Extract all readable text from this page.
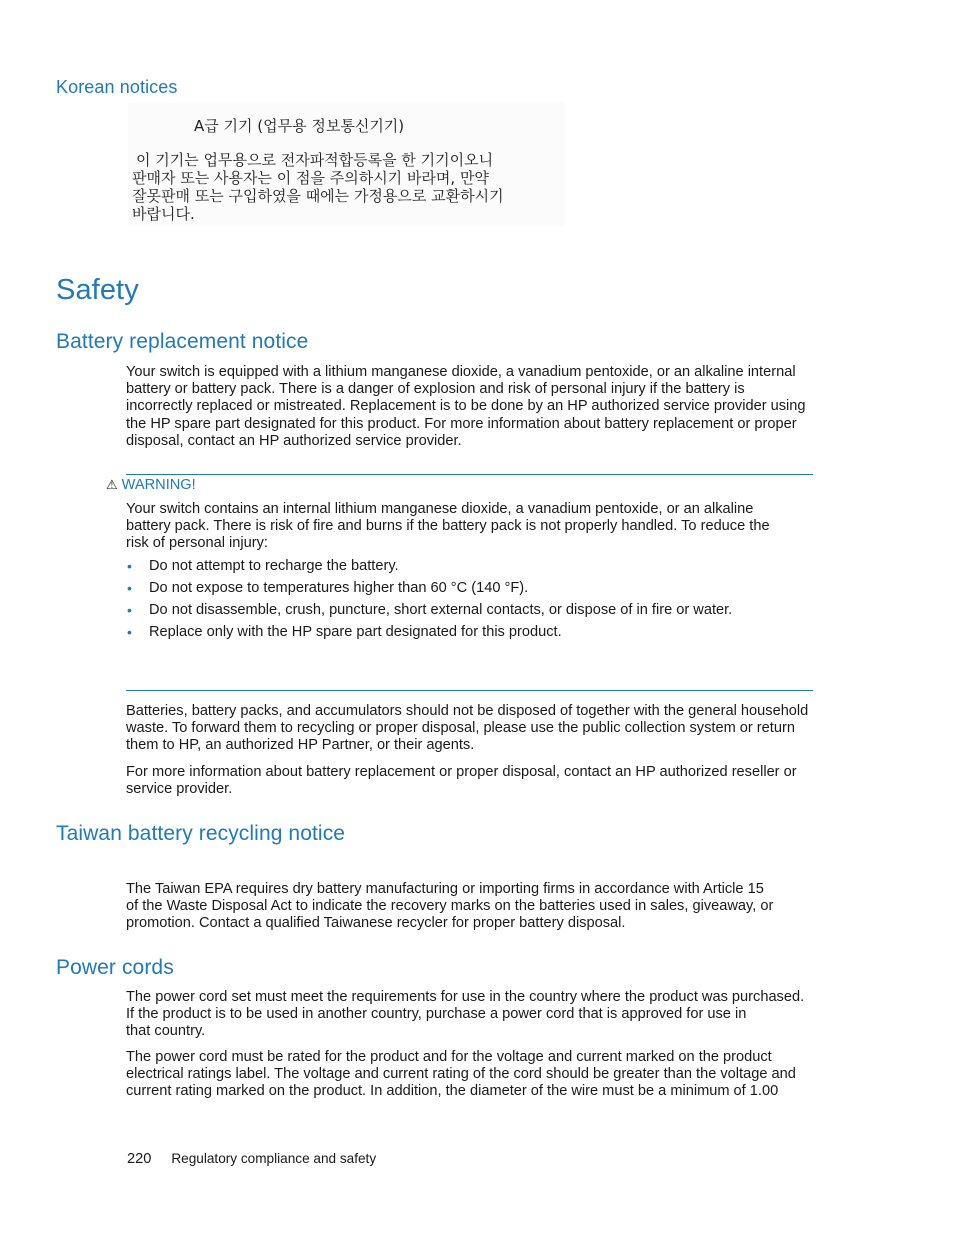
Korean notices
A급 기기 (업무용 정보통신기기)
이 기기는 업무용으로 전자파적합등록을 한 기기이오니
판매자 또는 사용자는 이 점을 주의하시기 바라며, 만약
잘못판매 또는 구입하였을 때에는 가정용으로 교환하시기
바랍니다.
Safety
Battery replacement notice
Your switch is equipped with a lithium manganese dioxide, a vanadium pentoxide, or an alkaline internal
battery or battery pack. There is a danger of explosion and risk of personal injury if the battery is
incorrectly replaced or mistreated. Replacement is to be done by an HP authorized service provider using
the HP spare part designated for this product. For more information about battery replacement or proper
disposal, contact an HP authorized service provider.
⚠ WARNING!
Your switch contains an internal lithium manganese dioxide, a vanadium pentoxide, or an alkaline
battery pack. There is risk of fire and burns if the battery pack is not properly handled. To reduce the
risk of personal injury:
• Do not attempt to recharge the battery.
• Do not expose to temperatures higher than 60 °C (140 °F).
• Do not disassemble, crush, puncture, short external contacts, or dispose of in fire or water.
• Replace only with the HP spare part designated for this product.
Batteries, battery packs, and accumulators should not be disposed of together with the general household
waste. To forward them to recycling or proper disposal, please use the public collection system or return
them to HP, an authorized HP Partner, or their agents.
For more information about battery replacement or proper disposal, contact an HP authorized reseller or
service provider.
Taiwan battery recycling notice
The Taiwan EPA requires dry battery manufacturing or importing firms in accordance with Article 15
of the Waste Disposal Act to indicate the recovery marks on the batteries used in sales, giveaway, or
promotion. Contact a qualified Taiwanese recycler for proper battery disposal.
Power cords
The power cord set must meet the requirements for use in the country where the product was purchased.
If the product is to be used in another country, purchase a power cord that is approved for use in
that country.
The power cord must be rated for the product and for the voltage and current marked on the product
electrical ratings label. The voltage and current rating of the cord should be greater than the voltage and
current rating marked on the product. In addition, the diameter of the wire must be a minimum of 1.00
220 Regulatory compliance and safety
